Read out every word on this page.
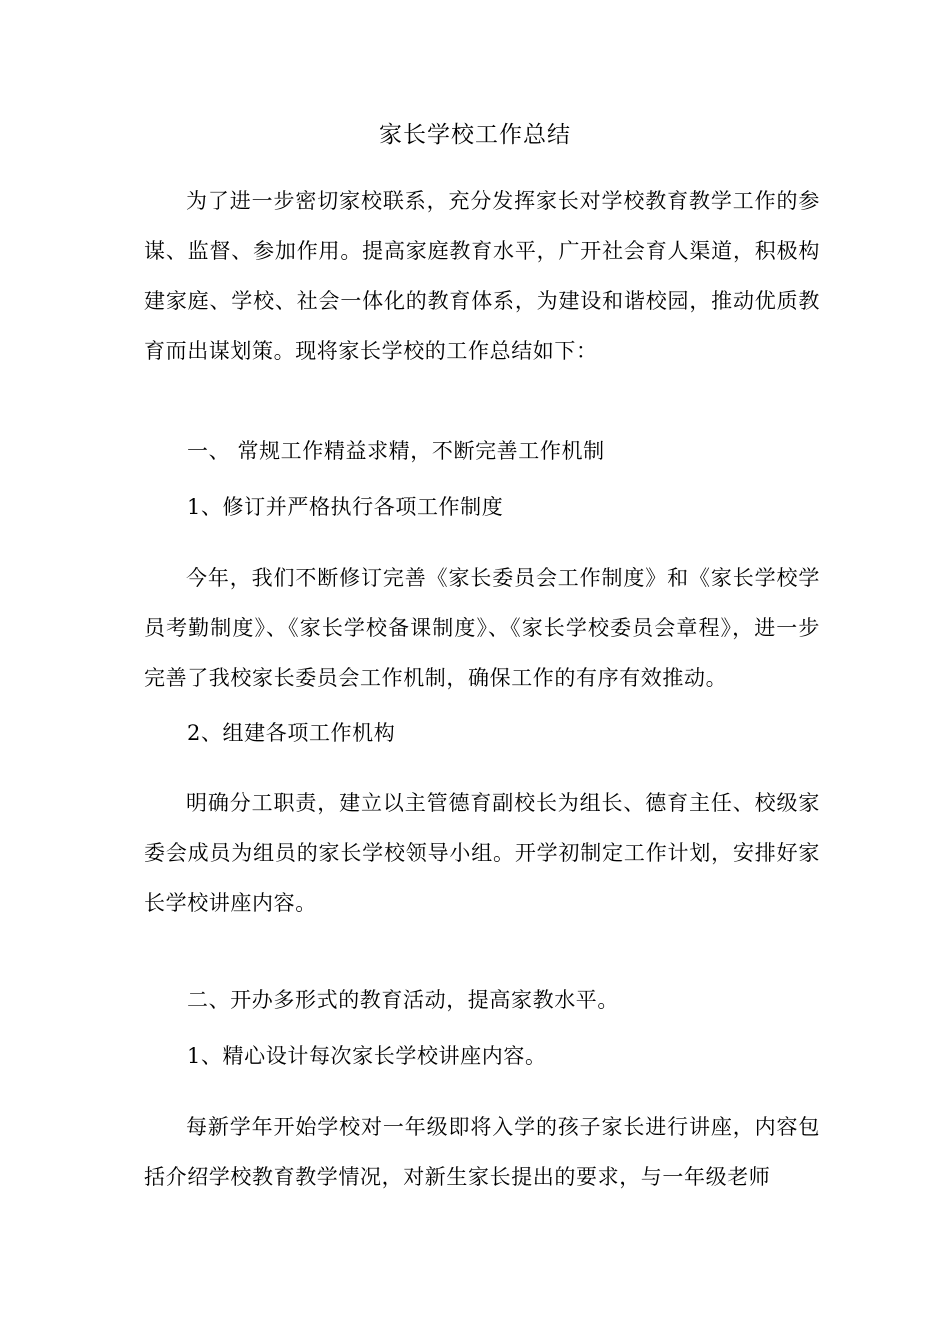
家长学校工作总结
为了进一步密切家校联系，充分发挥家长对学校教育教学工作的参谋、监督、参加作用。提高家庭教育水平，广开社会育人渠道，积极构建家庭、学校、社会一体化的教育体系，为建设和谐校园，推动优质教育而出谋划策。现将家长学校的工作总结如下：
一、 常规工作精益求精，不断完善工作机制
1、修订并严格执行各项工作制度
今年，我们不断修订完善《家长委员会工作制度》和《家长学校学员考勤制度》、《家长学校备课制度》、《家长学校委员会章程》，进一步完善了我校家长委员会工作机制，确保工作的有序有效推动。
2、组建各项工作机构
明确分工职责，建立以主管德育副校长为组长、德育主任、校级家委会成员为组员的家长学校领导小组。开学初制定工作计划，安排好家长学校讲座内容。
二、开办多形式的教育活动，提高家教水平。
1、精心设计每次家长学校讲座内容。
每新学年开始学校对一年级即将入学的孩子家长进行讲座，内容包括介绍学校教育教学情况，对新生家长提出的要求，与一年级老师
